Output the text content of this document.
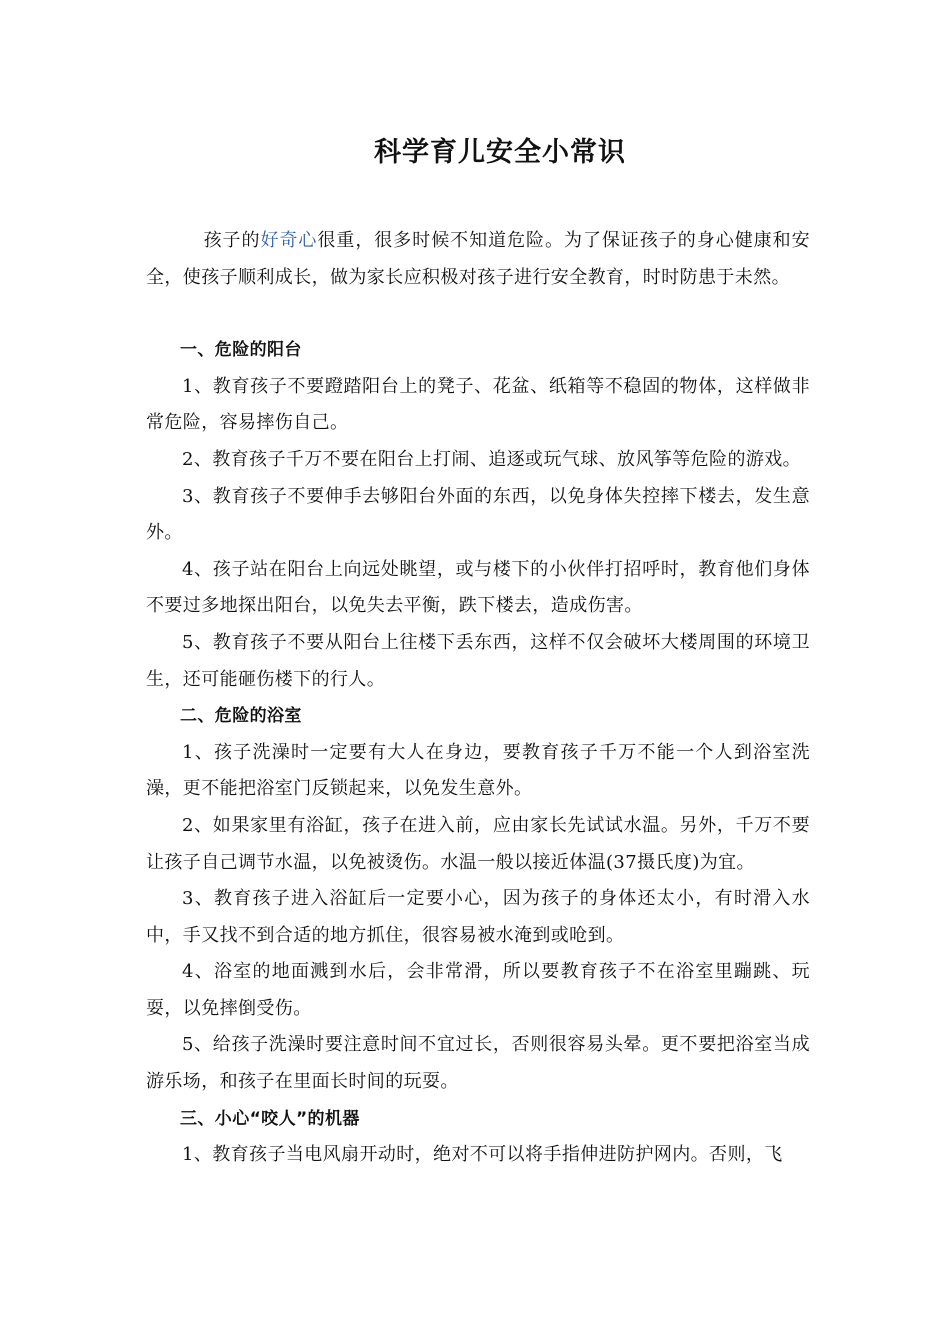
科学育儿安全小常识

孩子的好奇心很重，很多时候不知道危险。为了保证孩子的身心健康和安全，使孩子顺利成长，做为家长应积极对孩子进行安全教育，时时防患于未然。

一、危险的阳台

1、教育孩子不要蹬踏阳台上的凳子、花盆、纸箱等不稳固的物体，这样做非常危险，容易摔伤自己。

2、教育孩子千万不要在阳台上打闹、追逐或玩气球、放风筝等危险的游戏。

3、教育孩子不要伸手去够阳台外面的东西，以免身体失控摔下楼去，发生意外。

4、孩子站在阳台上向远处眺望，或与楼下的小伙伴打招呼时，教育他们身体不要过多地探出阳台，以免失去平衡，跌下楼去，造成伤害。

5、教育孩子不要从阳台上往楼下丢东西，这样不仅会破坏大楼周围的环境卫生，还可能砸伤楼下的行人。

二、危险的浴室

1、孩子洗澡时一定要有大人在身边，要教育孩子千万不能一个人到浴室洗澡，更不能把浴室门反锁起来，以免发生意外。

2、如果家里有浴缸，孩子在进入前，应由家长先试试水温。另外，千万不要让孩子自己调节水温，以免被烫伤。水温一般以接近体温(37摄氏度)为宜。

3、教育孩子进入浴缸后一定要小心，因为孩子的身体还太小，有时滑入水中，手又找不到合适的地方抓住，很容易被水淹到或呛到。

4、浴室的地面溅到水后，会非常滑，所以要教育孩子不在浴室里蹦跳、玩耍，以免摔倒受伤。

5、给孩子洗澡时要注意时间不宜过长，否则很容易头晕。更不要把浴室当成游乐场，和孩子在里面长时间的玩耍。

三、小心“咬人”的机器

1、教育孩子当电风扇开动时，绝对不可以将手指伸进防护网内。否则，飞
